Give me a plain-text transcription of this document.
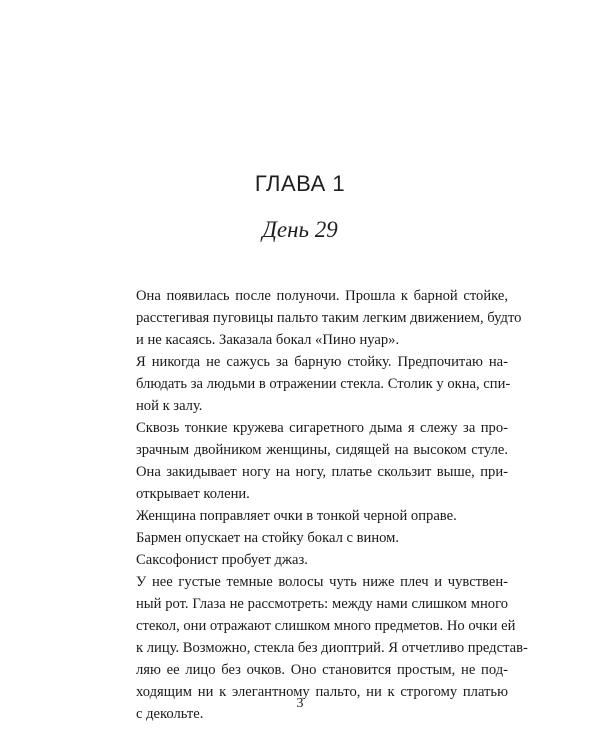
ГЛАВА 1
День 29

Она появилась после полуночи. Прошла к барной стойке,
расстегивая пуговицы пальто таким легким движением, будто
и не касаясь. Заказала бокал «Пино нуар».

Я никогда не сажусь за барную стойку. Предпочитаю на-
блюдать за людьми в отражении стекла. Столик у окна, спи-
ной к залу.

Сквозь тонкие кружева сигаретного дыма я слежу за про-
зрачным двойником женщины, сидящей на высоком стуле.
Она закидывает ногу на ногу, платье скользит выше, при-
открывает колени.

Женщина поправляет очки в тонкой черной оправе.

Бармен опускает на стойку бокал с вином.

Саксофонист пробует джаз.

У нее густые темные волосы чуть ниже плеч и чувствен-
ный рот. Глаза не рассмотреть: между нами слишком много
стекол, они отражают слишком много предметов. Но очки ей
к лицу. Возможно, стекла без диоптрий. Я отчетливо представ-
ляю ее лицо без очков. Оно становится простым, не под-
ходящим ни к элегантному пальто, ни к строгому платью
с декольте.

3
